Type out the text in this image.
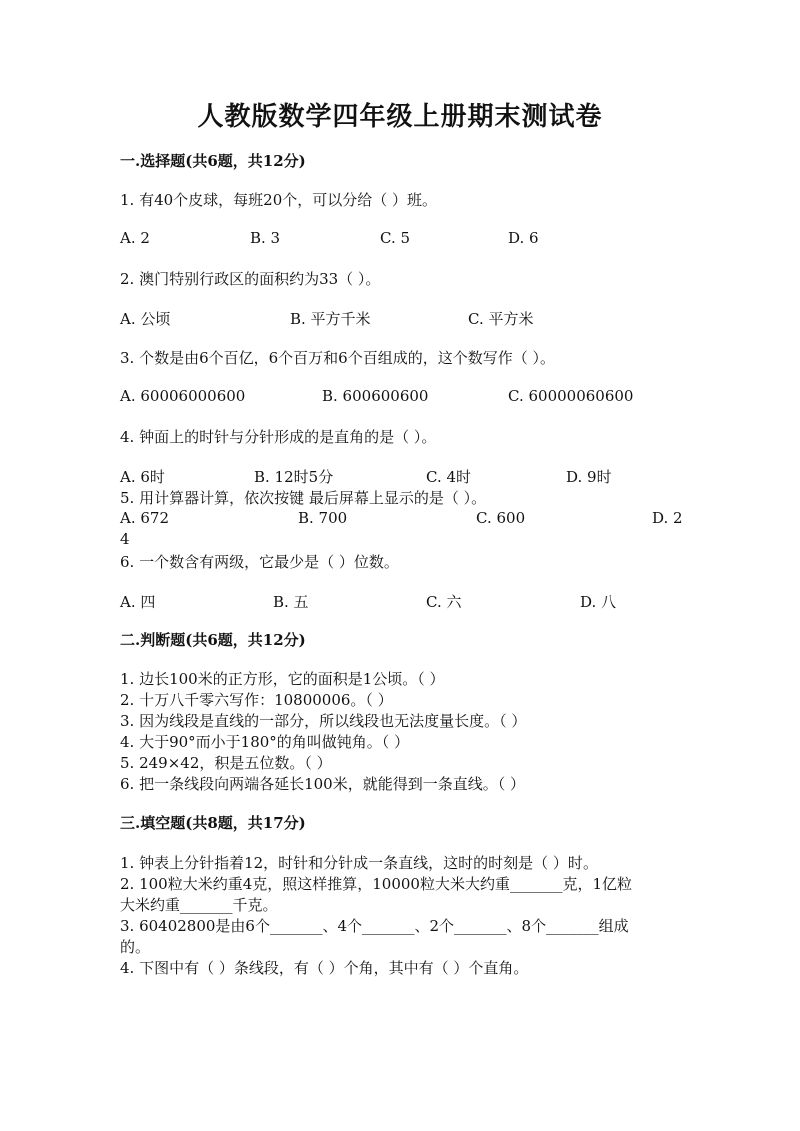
人教版数学四年级上册期末测试卷
一.选择题(共6题，共12分)
1. 有40个皮球，每班20个，可以分给（ ）班。
A. 2	B. 3	C. 5	D. 6
2. 澳门特别行政区的面积约为33（ ）。
A. 公顷	B. 平方千米	C. 平方米
3. 个数是由6个百亿，6个百万和6个百组成的，这个数写作（ ）。
A. 60006000600	B. 600600600	C. 60000060600
4. 钟面上的时针与分针形成的是直角的是（ ）。
A. 6时	B. 12时5分	C. 4时	D. 9时
5. 用计算器计算，依次按键 最后屏幕上显示的是（ ）。
A. 672	B. 700	C. 600	D. 2
4
6. 一个数含有两级，它最少是（ ）位数。
A. 四	B. 五	C. 六	D. 八
二.判断题(共6题，共12分)
1. 边长100米的正方形，它的面积是1公顷。（ ）
2. 十万八千零六写作：10800006。（ ）
3. 因为线段是直线的一部分，所以线段也无法度量长度。（ ）
4. 大于90°而小于180°的角叫做钝角。（ ）
5. 249×42，积是五位数。（ ）
6. 把一条线段向两端各延长100米，就能得到一条直线。（ ）
三.填空题(共8题，共17分)
1. 钟表上分针指着12，时针和分针成一条直线，这时的时刻是（ ）时。
2. 100粒大米约重4克，照这样推算，10000粒大米大约重_______克，1亿粒
大米约重_______千克。
3. 60402800是由6个_______、4个_______、2个_______、8个_______组成
的。
4. 下图中有（ ）条线段，有（ ）个角，其中有（ ）个直角。
